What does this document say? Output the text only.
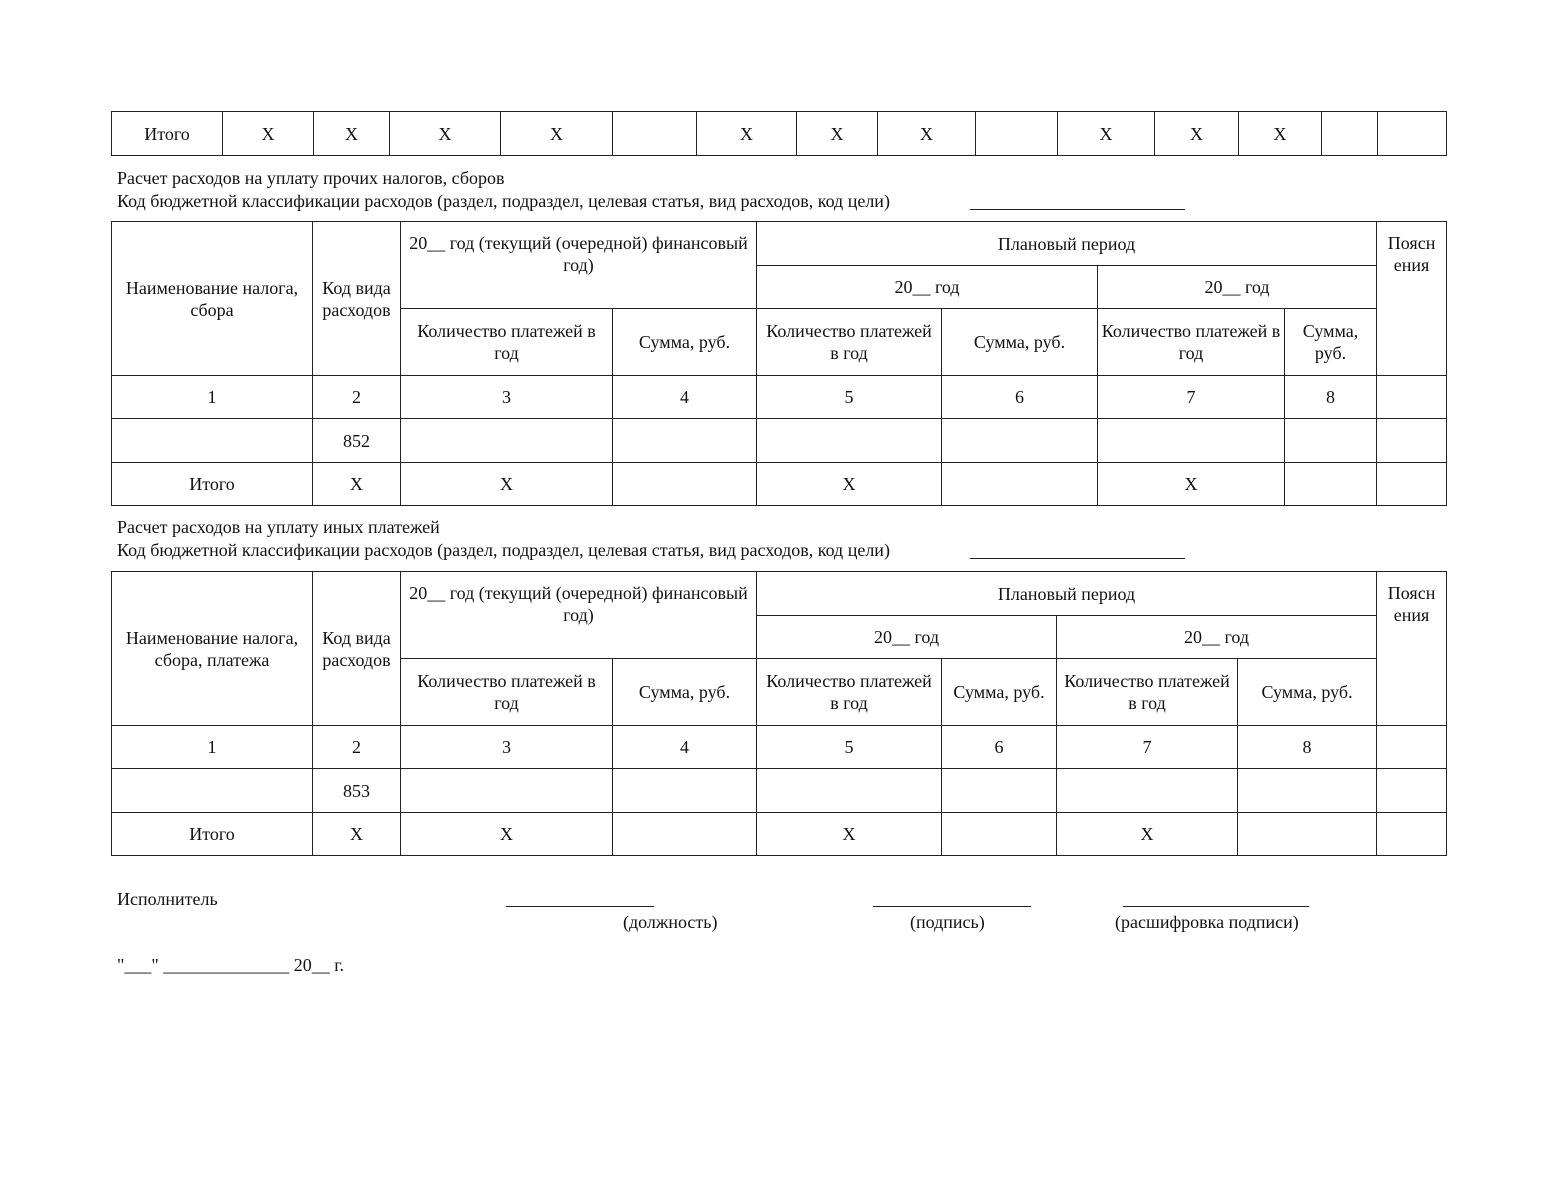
Итого	X	X	X	X		X	X	X		X	X	X		
Расчет расходов на уплату прочих налогов, сборов
Код бюджетной классификации расходов (раздел, подраздел, целевая статья, вид расходов, код цели)
Наименование налога, сбора	Код вида расходов	20__ год (текущий (очередной) финансовый год)		Плановый период				Поясн ения
				20__ год		20__ год		
		Количество платежей в год	Сумма, руб.	Количество платежей в год	Сумма, руб.	Количество платежей в год	Сумма, руб.	
1	2	3	4	5	6	7	8	
	852							
Итого	X	X		X		X		
Расчет расходов на уплату иных платежей
Код бюджетной классификации расходов (раздел, подраздел, целевая статья, вид расходов, код цели)
Наименование налога, сбора, платежа	Код вида расходов	20__ год (текущий (очередной) финансовый год)		Плановый период				Поясн ения
				20__ год		20__ год		
		Количество платежей в год	Сумма, руб.	Количество платежей в год	Сумма, руб.	Количество платежей в год	Сумма, руб.	
1	2	3	4	5	6	7	8	
	853							
Итого	X	X		X		X		
Исполнитель
(должность)	(подпись)	(расшифровка подписи)
"___" ______________ 20__ г.
